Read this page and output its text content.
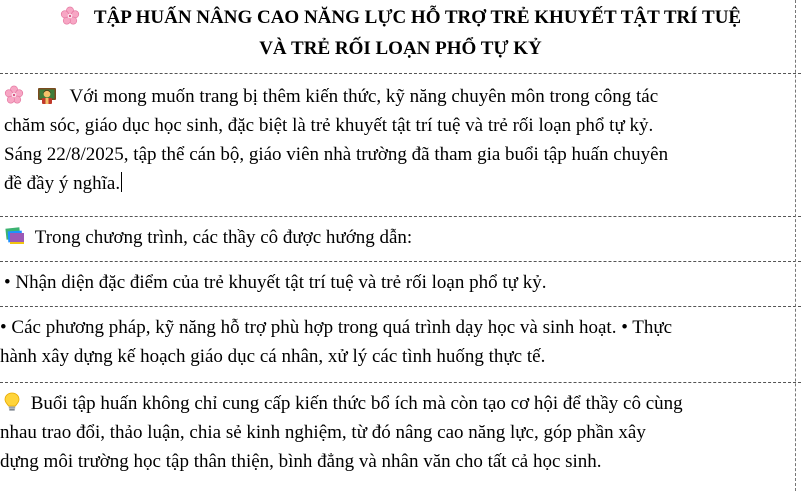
TẬP HUẤN NÂNG CAO NĂNG LỰC HỖ TRỢ TRẺ KHUYẾT TẬT TRÍ TUỆ
VÀ TRẺ RỐI LOẠN PHỔ TỰ KỶ
Với mong muốn trang bị thêm kiến thức, kỹ năng chuyên môn trong công tác
chăm sóc, giáo dục học sinh, đặc biệt là trẻ khuyết tật trí tuệ và trẻ rối loạn phổ tự kỷ.
Sáng 22/8/2025, tập thể cán bộ, giáo viên nhà trường đã tham gia buổi tập huấn chuyên
đề đầy ý nghĩa.
Trong chương trình, các thầy cô được hướng dẫn:
• Nhận diện đặc điểm của trẻ khuyết tật trí tuệ và trẻ rối loạn phổ tự kỷ.
• Các phương pháp, kỹ năng hỗ trợ phù hợp trong quá trình dạy học và sinh hoạt. • Thực
hành xây dựng kế hoạch giáo dục cá nhân, xử lý các tình huống thực tế.
Buổi tập huấn không chỉ cung cấp kiến thức bổ ích mà còn tạo cơ hội để thầy cô cùng
nhau trao đổi, thảo luận, chia sẻ kinh nghiệm, từ đó nâng cao năng lực, góp phần xây
dựng môi trường học tập thân thiện, bình đẳng và nhân văn cho tất cả học sinh.
